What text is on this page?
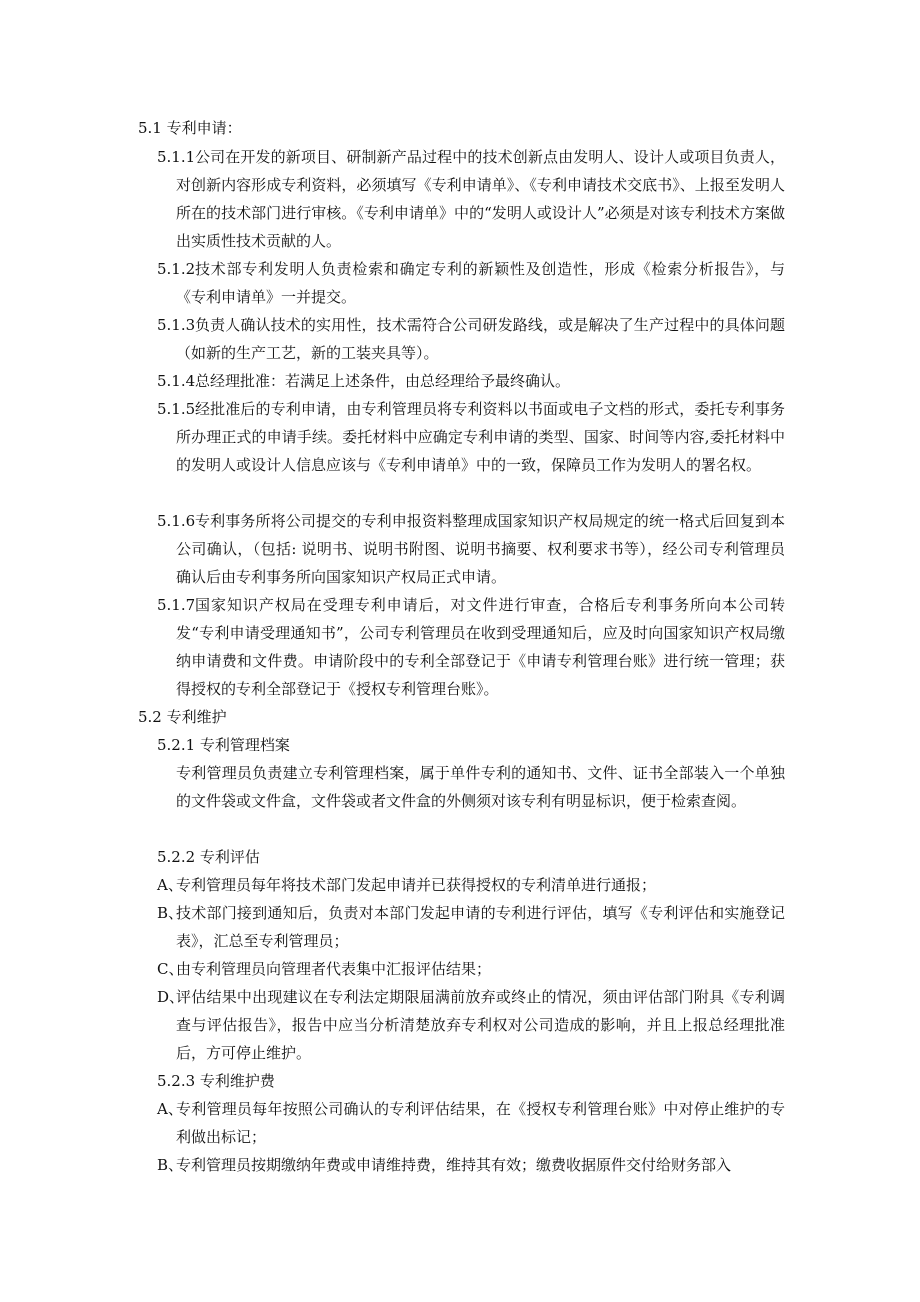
5.1 专利申请：

5.1.1 公司在开发的新项目、研制新产品过程中的技术创新点由发明人、设计人或项目负责人，对创新内容形成专利资料，必须填写《专利申请单》、《专利申请技术交底书》、上报至发明人所在的技术部门进行审核。《专利申请单》中的“发明人或设计人”必须是对该专利技术方案做出实质性技术贡献的人。

5.1.2 技术部专利发明人负责检索和确定专利的新颖性及创造性，形成《检索分析报告》，与《专利申请单》一并提交。

5.1.3 负责人确认技术的实用性，技术需符合公司研发路线，或是解决了生产过程中的具体问题（如新的生产工艺，新的工装夹具等）。

5.1.4 总经理批准：若满足上述条件，由总经理给予最终确认。

5.1.5 经批准后的专利申请，由专利管理员将专利资料以书面或电子文档的形式，委托专利事务所办理正式的申请手续。委托材料中应确定专利申请的类型、国家、时间等内容,委托材料中的发明人或设计人信息应该与《专利申请单》中的一致，保障员工作为发明人的署名权。

5.1.6 专利事务所将公司提交的专利申报资料整理成国家知识产权局规定的统一格式后回复到本公司确认，（包括: 说明书、说明书附图、说明书摘要、权利要求书等），经公司专利管理员确认后由专利事务所向国家知识产权局正式申请。

5.1.7 国家知识产权局在受理专利申请后，对文件进行审查，合格后专利事务所向本公司转发“专利申请受理通知书”，公司专利管理员在收到受理通知后，应及时向国家知识产权局缴纳申请费和文件费。申请阶段中的专利全部登记于《申请专利管理台账》进行统一管理；获得授权的专利全部登记于《授权专利管理台账》。

5.2 专利维护

5.2.1 专利管理档案

专利管理员负责建立专利管理档案，属于单件专利的通知书、文件、证书全部装入一个单独的文件袋或文件盒，文件袋或者文件盒的外侧须对该专利有明显标识，便于检索查阅。

5.2.2 专利评估

A、

专利管理员每年将技术部门发起申请并已获得授权的专利清单进行通报；

B、

技术部门接到通知后，负责对本部门发起申请的专利进行评估，填写《专利评估和实施登记表》，汇总至专利管理员；

C、

由专利管理员向管理者代表集中汇报评估结果；

D、

评估结果中出现建议在专利法定期限届满前放弃或终止的情况，须由评估部门附具《专利调查与评估报告》，报告中应当分析清楚放弃专利权对公司造成的影响，并且上报总经理批准后，方可停止维护。

5.2.3 专利维护费

A、

专利管理员每年按照公司确认的专利评估结果，在《授权专利管理台账》中对停止维护的专利做出标记；

B、

专利管理员按期缴纳年费或申请维持费，维持其有效；缴费收据原件交付给财务部入
